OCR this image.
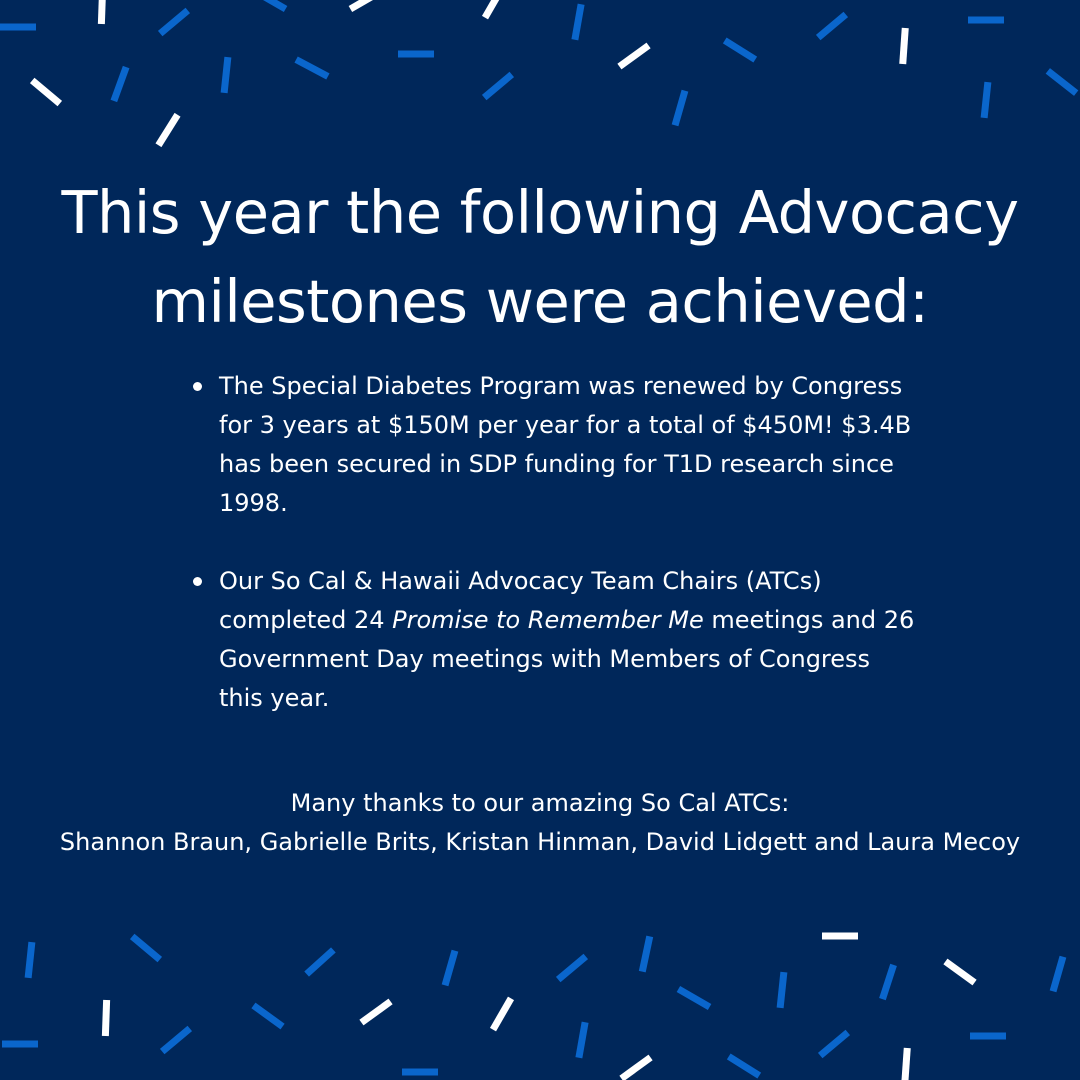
This year the following Advocacy
milestones were achieved:
The Special Diabetes Program was renewed by Congress for 3 years at $150M per year for a total of $450M! $3.4B has been secured in SDP funding for T1D research since 1998.
Our So Cal & Hawaii Advocacy Team Chairs (ATCs) completed 24 Promise to Remember Me meetings and 26 Government Day meetings with Members of Congress this year.

Many thanks to our amazing So Cal ATCs:
Shannon Braun, Gabrielle Brits, Kristan Hinman, David Lidgett and Laura Mecoy
